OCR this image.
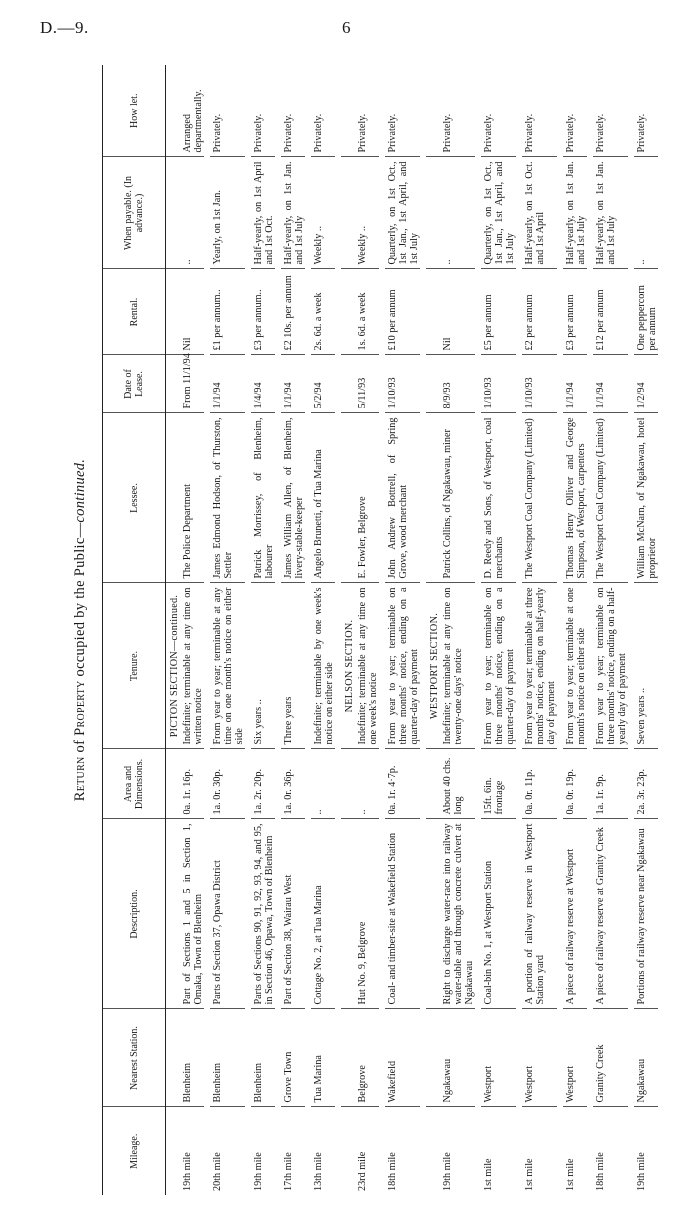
D.—9.	6
Return of Property occupied by the Public—continued.
Mileage.	Nearest Station.	Description.	Area and Dimensions.	Tenure.	Lessee.	Date of Lease.	Rental.	When payable. (In advance.)	How let.
				PICTON SECTION—continued.					
19th mile	Blenheim	Part of Sections 1 and 5 in Section 1, Omaka, Town of Blenheim	0a. 1r. 16p.	Indefinite; terminable at any time on written notice	The Police Department	From 11/1/94	Nil	..	Arranged departmentally.

20th mile	Blenheim	Parts of Section 37, Opawa District	1a. 0r. 30p.	From year to year; terminable at any time on one month's notice on either side	James Edmond Hodson, of Thurston, Settler	1/1/94	£1 per annum..	Yearly, on 1st Jan.	Privately.

19th mile	Blenheim	Parts of Sections 90, 91, 92, 93, 94, and 95, in Section 46, Opawa, Town of Blenheim	1a. 2r. 20p.	Six years ..	Patrick Morrissey, of Blenheim, labourer	1/4/94	£3 per annum..	Half-yearly, on 1st April and 1st Oct.	Privately.

17th mile	Grove Town	Part of Section 38, Wairau West	1a. 0r. 36p.	Three years	James William Allen, of Blenheim, livery-stable-keeper	1/1/94	£2 10s. per annum	Half-yearly, on 1st Jan. and 1st July	Privately.

13th mile	Tua Marina	Cottage No. 2, at Tua Marina	..	Indefinite; terminable by one week's notice on either side	Angelo Brunetti, of Tua Marina	5/2/94	2s. 6d. a week	Weekly ..	Privately.

				NELSON SECTION.					
23rd mile	Belgrove	Hut No. 9, Belgrove	..	Indefinite; terminable at any time on one week's notice	E. Fowler, Belgrove	5/11/93	1s. 6d. a week	Weekly ..	Privately.

18th mile	Wakefield	Coal- and timber-site at Wakefield Station	0a. 1r. 4·7p.	From year to year; terminable on three months' notice, ending on a quarter-day of payment	John Andrew Bottrell, of Spring Grove, wood merchant	1/10/93	£10 per annum	Quarterly, on 1st Oct., 1st Jan., 1st April, and 1st July	Privately.

				WESTPORT SECTION.					
19th mile	Ngakawau	Right to discharge water-race into railway water-table and through concrete culvert at Ngakawau	About 40 chs. long	Indefinite; terminable at any time on twenty-one days' notice	Patrick Collins, of Ngakawau, miner	8/9/93	Nil	..	Privately.

1st mile	Westport	Coal-bin No. 1, at Westport Station	15ft. 6in. frontage	From year to year; terminable on three months' notice, ending on a quarter-day of payment	D. Reedy and Sons, of Westport, coal merchants	1/10/93	£5 per annum	Quarterly, on 1st Oct., 1st Jan., 1st April, and 1st July	Privately.

1st mile	Westport	A portion of railway reserve in Westport Station yard	0a. 0r. 11p.	From year to year; terminable at three months' notice, ending on half-yearly day of payment	The Westport Coal Company (Limited)	1/10/93	£2 per annum	Half-yearly, on 1st Oct. and 1st April	Privately.

1st mile	Westport	A piece of railway reserve at Westport	0a. 0r. 19p.	From year to year; terminable at one month's notice on either side	Thomas Henry Olliver and George Simpson, of Westport, carpenters	1/1/94	£3 per annum	Half-yearly, on 1st Jan. and 1st July	Privately.

18th mile	Granity Creek	A piece of railway reserve at Granity Creek	1a. 1r. 9p.	From year to year; terminable on three months' notice, ending on a half-yearly day of payment	The Westport Coal Company (Limited)	1/1/94	£12 per annum	Half-yearly, on 1st Jan. and 1st July	Privately.

19th mile	Ngakawau	Portions of railway reserve near Ngakawau	2a. 3r. 23p.	Seven years ..	William McNarn, of Ngakawau, hotel proprietor	1/2/94	One peppercorn per annum	..	Privately.
